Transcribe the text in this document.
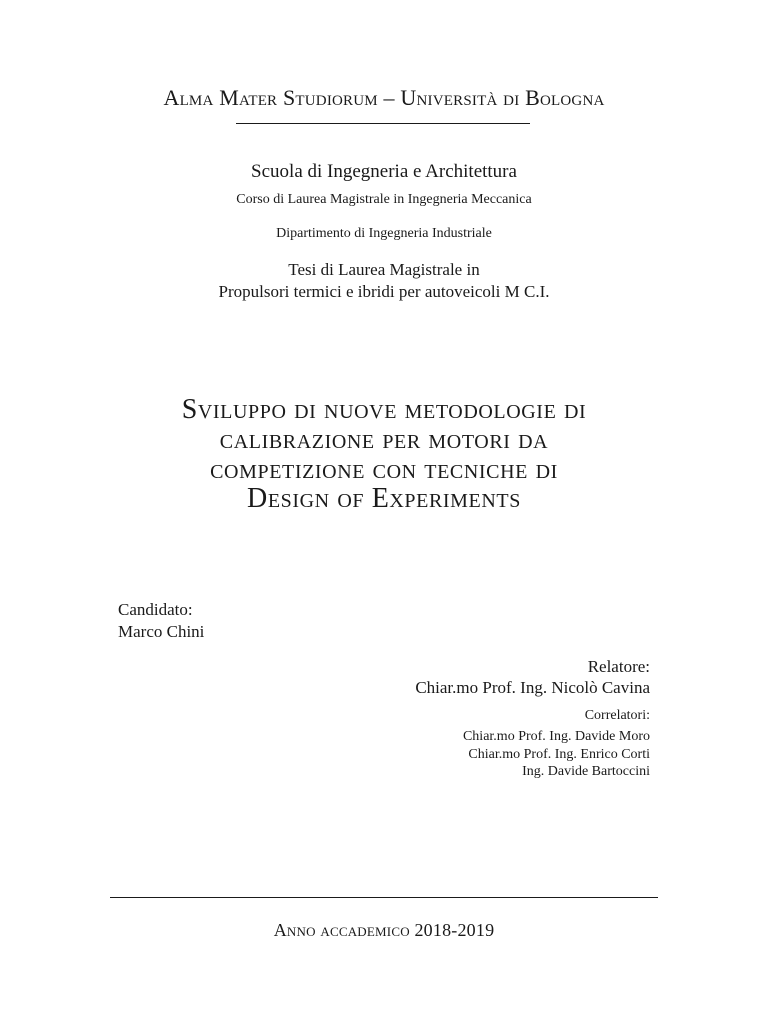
Alma Mater Studiorum – Università di Bologna
Scuola di Ingegneria e Architettura
Corso di Laurea Magistrale in Ingegneria Meccanica
Dipartimento di Ingegneria Industriale
Tesi di Laurea Magistrale in
Propulsori termici e ibridi per autoveicoli M C.I.
Sviluppo di nuove metodologie di
calibrazione per motori da
competizione con tecniche di
Design of Experiments
Candidato:
Marco Chini
Relatore:
Chiar.mo Prof. Ing. Nicolò Cavina
Correlatori:
Chiar.mo Prof. Ing. Davide Moro
Chiar.mo Prof. Ing. Enrico Corti
Ing. Davide Bartoccini
Anno accademico 2018-2019
